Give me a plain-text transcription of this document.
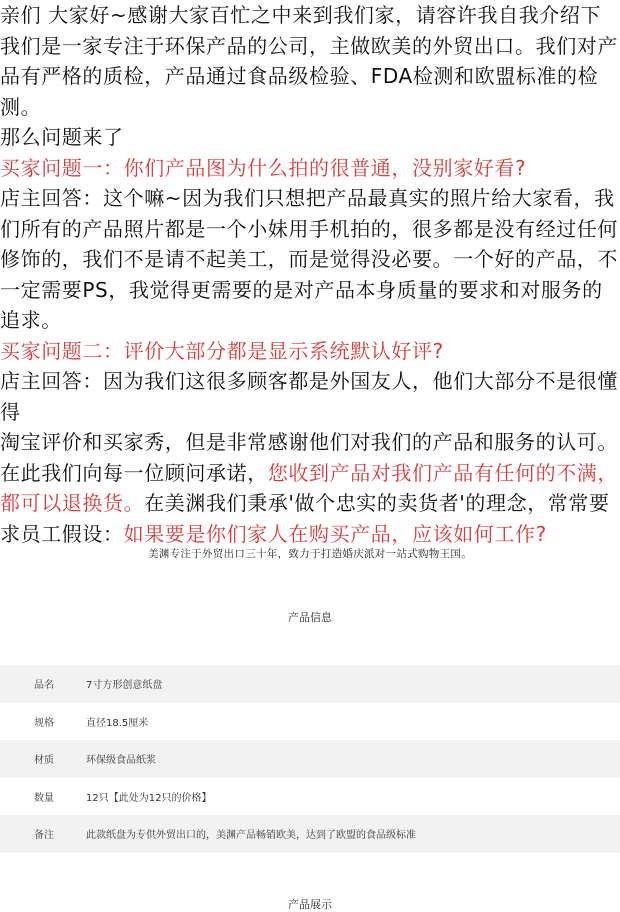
亲们 大家好~感谢大家百忙之中来到我们家，请容许我自我介绍下我们是一家专注于环保产品的公司，主做欧美的外贸出口。我们对产品有严格的质检，产品通过食品级检验、FDA检测和欧盟标准的检测。

那么问题来了

买家问题一：你们产品图为什么拍的很普通，没别家好看?

店主回答：这个嘛~因为我们只想把产品最真实的照片给大家看，我们所有的产品照片都是一个小妹用手机拍的，很多都是没有经过任何修饰的，我们不是请不起美工，而是觉得没必要。一个好的产品，不一定需要PS，我觉得更需要的是对产品本身质量的要求和对服务的追求。

买家问题二：评价大部分都是显示系统默认好评?

店主回答：因为我们这很多顾客都是外国友人，他们大部分不是很懂得

淘宝评价和买家秀，但是非常感谢他们对我们的产品和服务的认可。

在此我们向每一位顾问承诺，您收到产品对我们产品有任何的不满，都可以退换货。在美渊我们秉承'做个忠实的卖货者'的理念，常常要求员工假设：如果要是你们家人在购买产品，应该如何工作?

美渊专注于外贸出口三十年，致力于打造婚庆派对一站式购物王国。
产品信息
品名	7寸方形创意纸盘
规格	直径18.5厘米
材质	环保级食品纸浆
数量	12只【此处为12只的价格】
备注	此款纸盘为专供外贸出口的，美渊产品畅销欧美，达到了欧盟的食品级标准
产品展示
